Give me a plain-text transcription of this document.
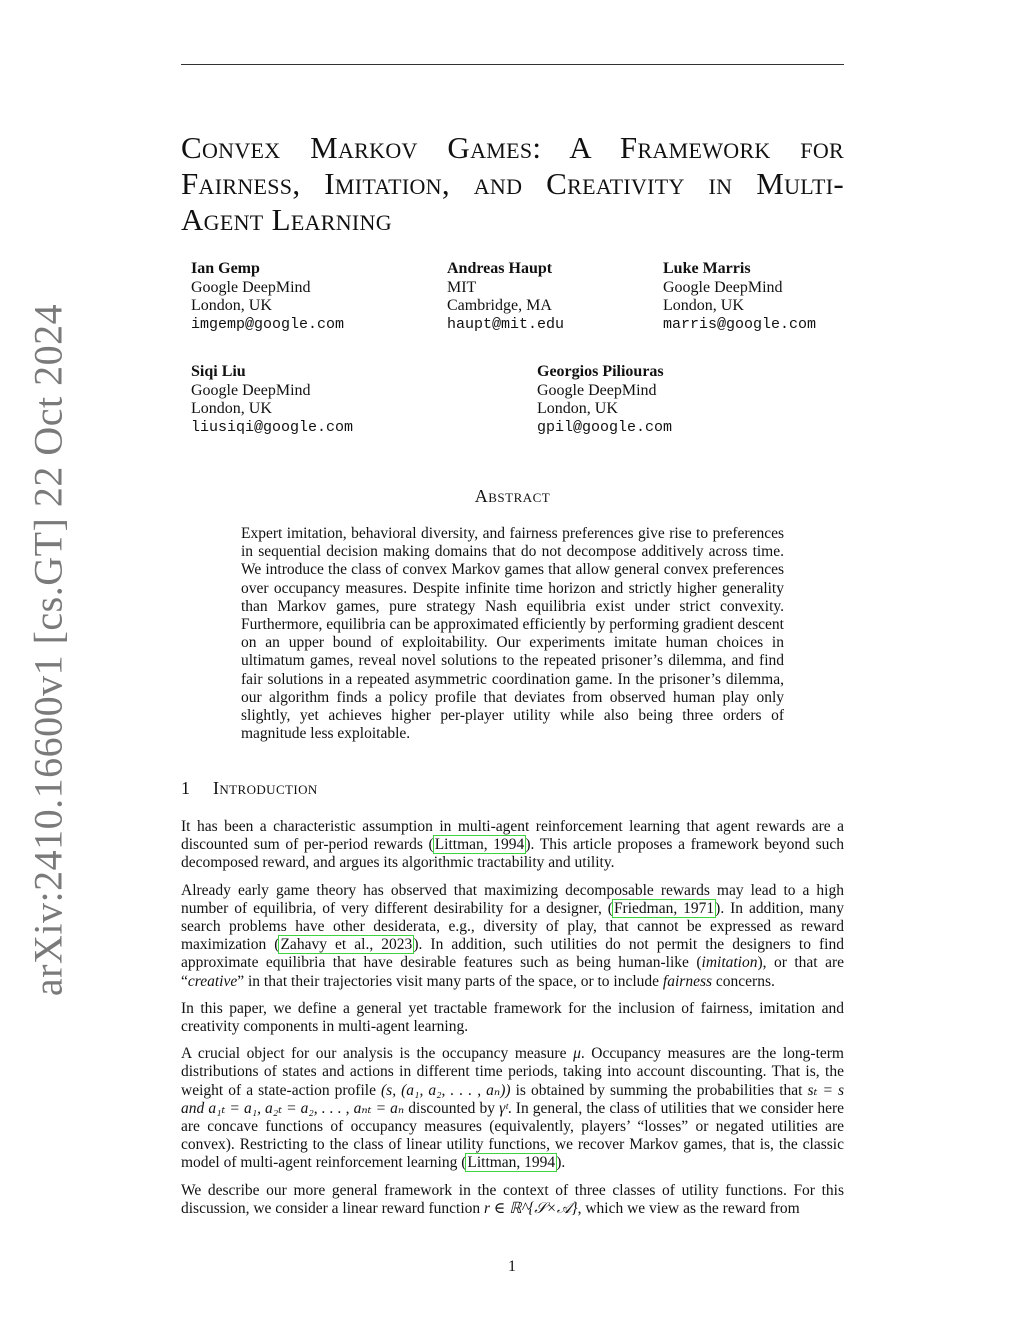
arXiv:2410.16600v1 [cs.GT] 22 Oct 2024
Convex Markov Games: A Framework for Fairness, Imitation, and Creativity in Multi-Agent Learning
Ian Gemp
Google DeepMind
London, UK
imgemp@google.com
Andreas Haupt
MIT
Cambridge, MA
haupt@mit.edu
Luke Marris
Google DeepMind
London, UK
marris@google.com
Siqi Liu
Google DeepMind
London, UK
liusiqi@google.com
Georgios Piliouras
Google DeepMind
London, UK
gpil@google.com
Abstract

Expert imitation, behavioral diversity, and fairness preferences give rise to preferences in sequential decision making domains that do not decompose additively across time. We introduce the class of convex Markov games that allow general convex preferences over occupancy measures. Despite infinite time horizon and strictly higher generality than Markov games, pure strategy Nash equilibria exist under strict convexity. Furthermore, equilibria can be approximated efficiently by performing gradient descent on an upper bound of exploitability. Our experiments imitate human choices in ultimatum games, reveal novel solutions to the repeated prisoner’s dilemma, and find fair solutions in a repeated asymmetric coordination game. In the prisoner’s dilemma, our algorithm finds a policy profile that deviates from observed human play only slightly, yet achieves higher per-player utility while also being three orders of magnitude less exploitable.

1 Introduction

It has been a characteristic assumption in multi-agent reinforcement learning that agent rewards are a discounted sum of per-period rewards (Littman, 1994). This article proposes a framework beyond such decomposed reward, and argues its algorithmic tractability and utility.

Already early game theory has observed that maximizing decomposable rewards may lead to a high number of equilibria, of very different desirability for a designer, (Friedman, 1971). In addition, many search problems have other desiderata, e.g., diversity of play, that cannot be expressed as reward maximization (Zahavy et al., 2023). In addition, such utilities do not permit the designers to find approximate equilibria that have desirable features such as being human-like (imitation), or that are “creative” in that their trajectories visit many parts of the space, or to include fairness concerns.

In this paper, we define a general yet tractable framework for the inclusion of fairness, imitation and creativity components in multi-agent learning.

A crucial object for our analysis is the occupancy measure μ. Occupancy measures are the long-term distributions of states and actions in different time periods, taking into account discounting. That is, the weight of a state-action profile (s, (a₁, a₂, . . . , aₙ)) is obtained by summing the probabilities that sₜ = s and a₁ₜ = a₁, a₂ₜ = a₂, . . . , aₙₜ = aₙ discounted by γᵗ. In general, the class of utilities that we consider here are concave functions of occupancy measures (equivalently, players’ “losses” or negated utilities are convex). Restricting to the class of linear utility functions, we recover Markov games, that is, the classic model of multi-agent reinforcement learning (Littman, 1994).

We describe our more general framework in the context of three classes of utility functions. For this discussion, we consider a linear reward function r ∈ ℝ^{𝒮×𝒜}, which we view as the reward from

1
